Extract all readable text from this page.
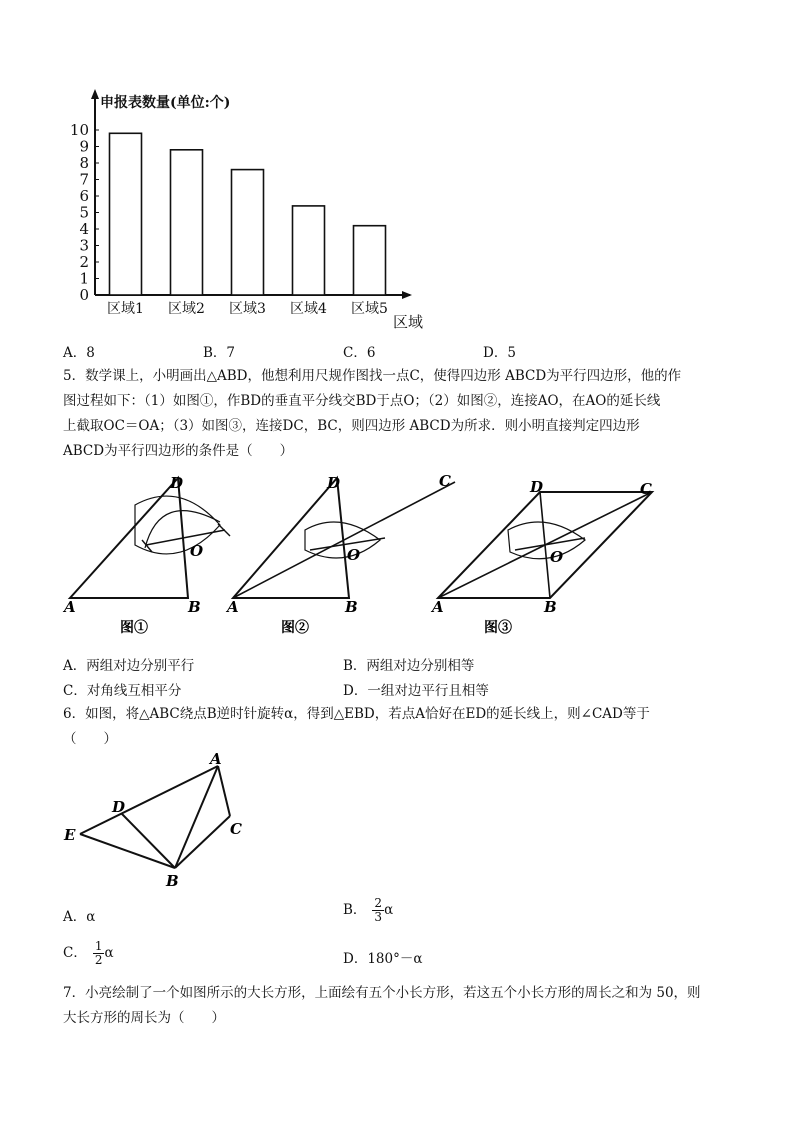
0
1
2
3
4
5
6
7
8
9
10
区域1 区域2 区域3 区域4 区域5
申报表数量(单位:个)
区域
A．8	B．7	C．6	D．5
5．数学课上，小明画出△ABD，他想利用尺规作图找一点C，使得四边形 ABCD为平行四边形，他的作
图过程如下：（1）如图①，作BD的垂直平分线交BD于点O；（2）如图②，连接AO，在AO的延长线
上截取OC＝OA；（3）如图③，连接DC，BC，则四边形 ABCD为所求．则小明直接判定四边形
ABCD为平行四边形的条件是（　　）
D
O
A	B
图①
D	C
O
A	B
图②
D	C
O
A	B
图③
A．两组对边分别平行	B．两组对边分别相等
C．对角线互相平分	D．一组对边平行且相等
6．如图，将△ABC绕点B逆时针旋转α，得到△EBD，若点A恰好在ED的延长线上，则∠CAD等于
（　　）
A
D
E	C
B
A．α	B． $\frac{2}{3}$ α
C． $\frac{1}{2}$ α	D．180°－α
7．小亮绘制了一个如图所示的大长方形，上面绘有五个小长方形，若这五个小长方形的周长之和为 50，则
大长方形的周长为（　　）
